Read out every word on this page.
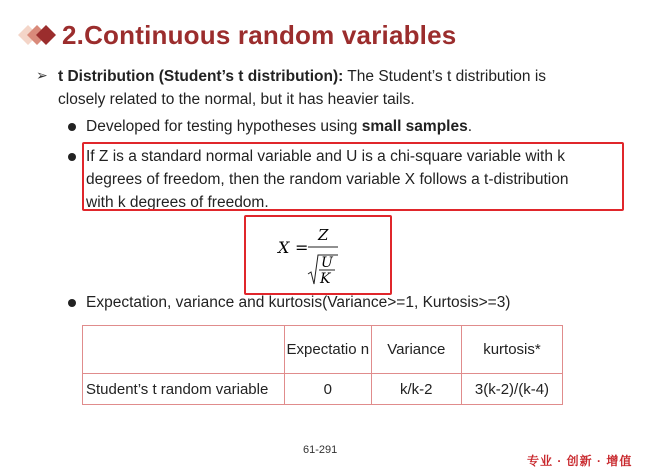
2.Continuous random variables
➢ t Distribution (Student’s t distribution): The Student’s t distribution is
closely related to the normal, but it has heavier tails.
Developed for testing hypotheses using small samples.
If Z is a standard normal variable and U is a chi-square variable with k
degrees of freedom, then the random variable X follows a t-distribution
with k degrees of freedom.
X =
Z
U
K
Expectation, variance and kurtosis(Variance>=1, Kurtosis>=3)
	Expectatio n	Variance	kurtosis*
Student’s t random variable	0	k/k-2	3(k-2)/(k-4)
61-291
专业 · 创新 · 增值
